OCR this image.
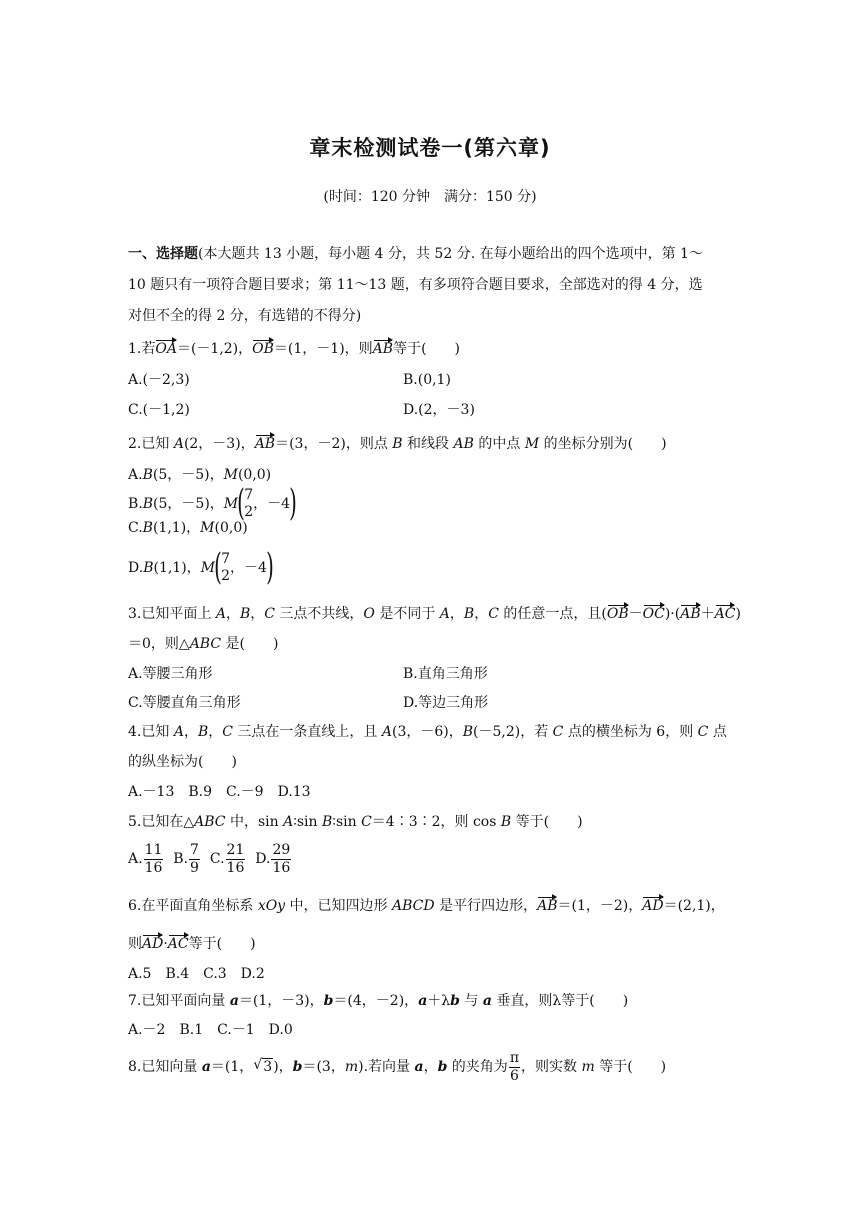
章末检测试卷一(第六章)
(时间：120 分钟　满分：150 分)
一、选择题(本大题共 13 小题，每小题 4 分，共 52 分. 在每小题给出的四个选项中，第 1～
10 题只有一项符合题目要求；第 11～13 题，有多项符合题目要求，全部选对的得 4 分，选
对但不全的得 2 分，有选错的不得分)
1.若OA＝(－1,2)，OB＝(1，－1)，则AB等于(　　)
A.(－2,3)	B.(0,1)
C.(－1,2)	D.(2，－3)
2.已知 A(2，－3)，AB＝(3，－2)，则点 B 和线段 AB 的中点 M 的坐标分别为(　　)
A.B(5，－5)，M(0,0)
B.B(5，－5)，M( 7
2 ，－4)
C.B(1,1)，M(0,0)
D.B(1,1)，M( 7
2 ，－4)
3.已知平面上 A，B，C 三点不共线，O 是不同于 A，B，C 的任意一点，且(OB－OC)·(AB＋AC)
＝0，则△ABC 是(　　)
A.等腰三角形	B.直角三角形
C.等腰直角三角形	D.等边三角形
4.已知 A，B，C 三点在一条直线上，且 A(3，－6)，B(－5,2)，若 C 点的横坐标为 6，则 C 点
的纵坐标为(　　)
A.－13　B.9　C.－9　D.13
5.已知在△ABC 中，sin A∶sin B∶sin C＝4∶3∶2，则 cos B 等于(　　)
A. $\frac{11}{16} B$. $\frac{7}{9} C$. $\frac{21}{16} D$. $\frac{29}{16}$
6.在平面直角坐标系 xOy 中，已知四边形 ABCD 是平行四边形，AB＝(1，－2)，AD＝(2,1)，
则AD·AC等于(　　)
A.5　B.4　C.3　D.2
7.已知平面向量 a＝(1，－3)，b＝(4，－2)，a＋λb 与 a 垂直，则λ等于(　　)
A.－2　B.1　C.－1　D.0
8.已知向量 a＝(1，√ 3)，b＝(3，m).若向量 a，b 的夹角为 $\frac{\pi}{6}$ ，则实数 m 等于(　　)
